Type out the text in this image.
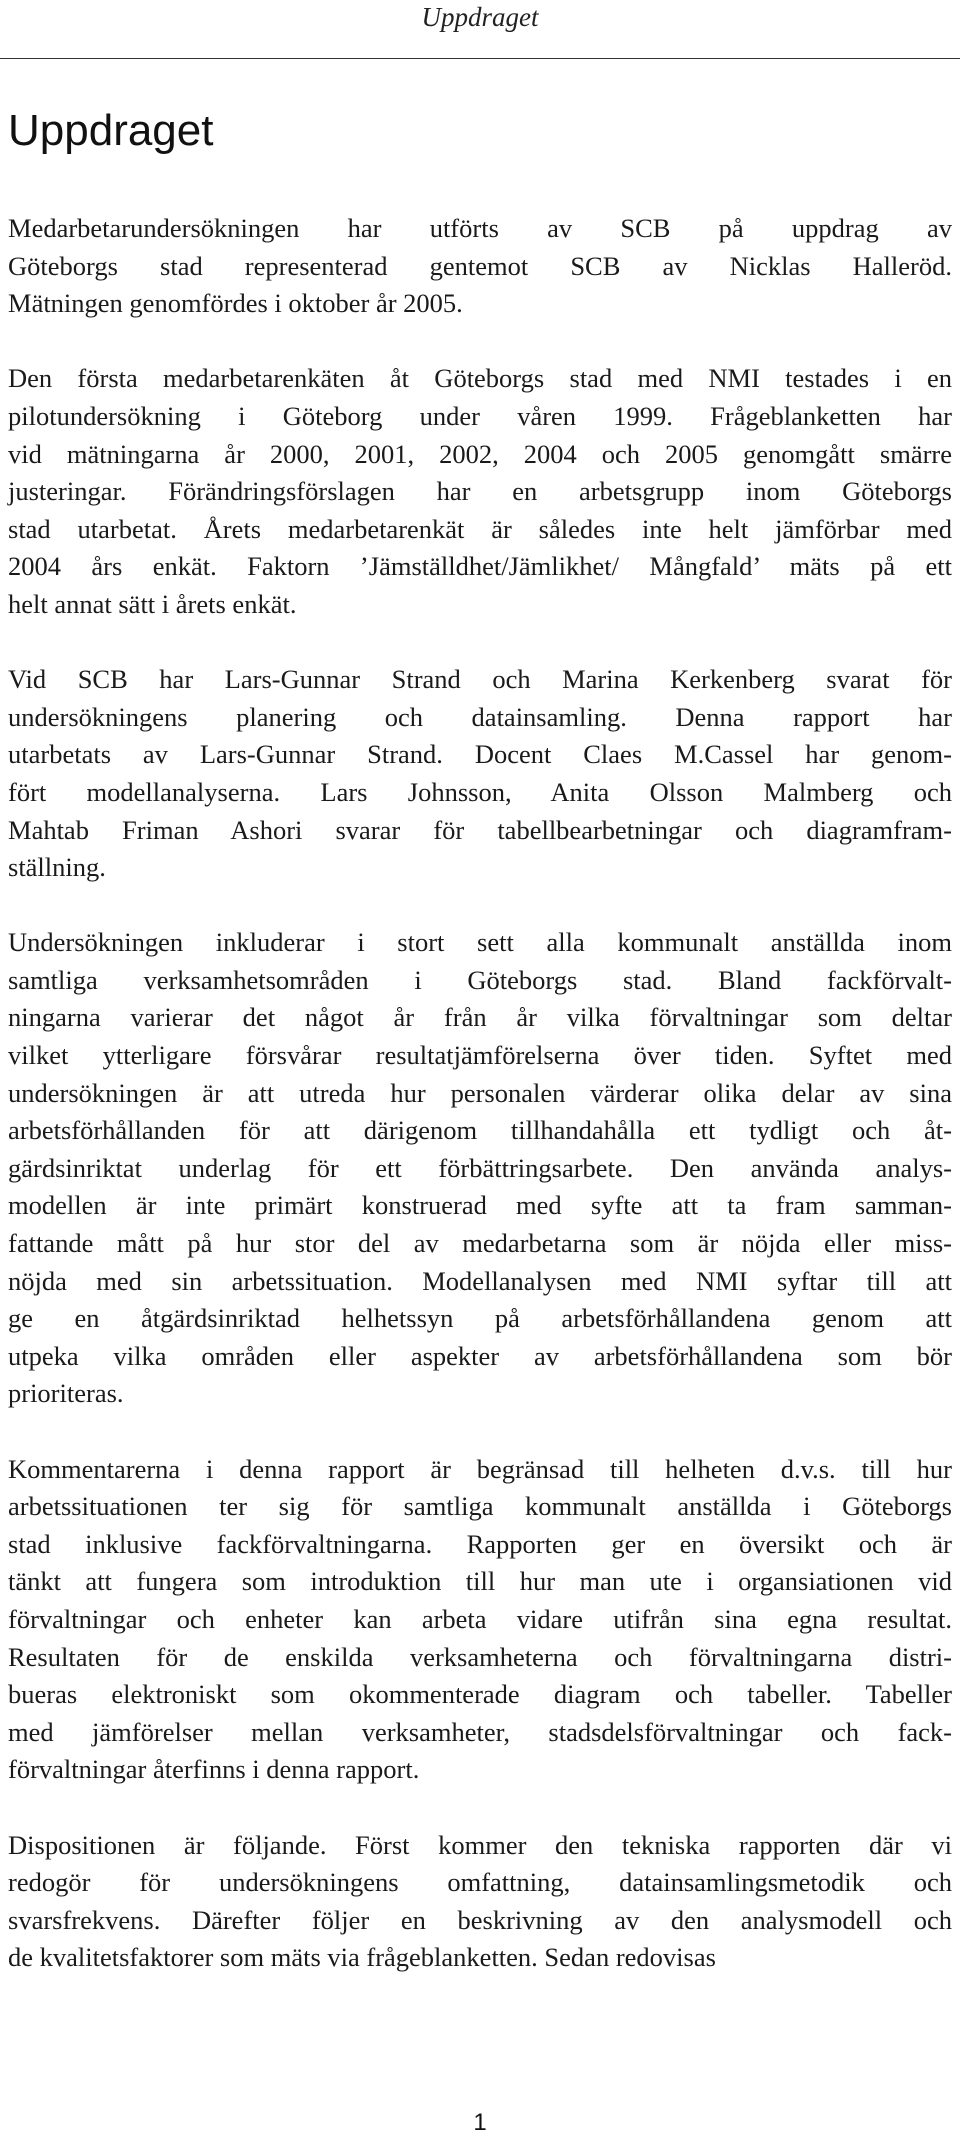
Uppdraget
Uppdraget

Medarbetarundersökningen har utförts av SCB på uppdrag av
Göteborgs stad representerad gentemot SCB av Nicklas Halleröd.
Mätningen genomfördes i oktober år 2005.

Den första medarbetarenkäten åt Göteborgs stad med NMI testades i en
pilotundersökning i Göteborg under våren 1999. Frågeblanketten har
vid mätningarna år 2000, 2001, 2002, 2004 och 2005 genomgått smärre
justeringar. Förändringsförslagen har en arbetsgrupp inom Göteborgs
stad utarbetat. Årets medarbetarenkät är således inte helt jämförbar med
2004 års enkät. Faktorn ’Jämställdhet/Jämlikhet/ Mångfald’ mäts på ett
helt annat sätt i årets enkät.

Vid SCB har Lars-Gunnar Strand och Marina Kerkenberg svarat för
undersökningens planering och datainsamling. Denna rapport har
utarbetats av Lars-Gunnar Strand. Docent Claes M.Cassel har genom-
fört modellanalyserna. Lars Johnsson, Anita Olsson Malmberg och
Mahtab Friman Ashori svarar för tabellbearbetningar och diagramfram-
ställning.

Undersökningen inkluderar i stort sett alla kommunalt anställda inom
samtliga verksamhetsområden i Göteborgs stad. Bland fackförvalt-
ningarna varierar det något år från år vilka förvaltningar som deltar
vilket ytterligare försvårar resultatjämförelserna över tiden. Syftet med
undersökningen är att utreda hur personalen värderar olika delar av sina
arbetsförhållanden för att därigenom tillhandahålla ett tydligt och åt-
gärdsinriktat underlag för ett förbättringsarbete. Den använda analys-
modellen är inte primärt konstruerad med syfte att ta fram samman-
fattande mått på hur stor del av medarbetarna som är nöjda eller miss-
nöjda med sin arbetssituation. Modellanalysen med NMI syftar till att
ge en åtgärdsinriktad helhetssyn på arbetsförhållandena genom att
utpeka vilka områden eller aspekter av arbetsförhållandena som bör
prioriteras.

Kommentarerna i denna rapport är begränsad till helheten d.v.s. till hur
arbetssituationen ter sig för samtliga kommunalt anställda i Göteborgs
stad inklusive fackförvaltningarna. Rapporten ger en översikt och är
tänkt att fungera som introduktion till hur man ute i organsiationen vid
förvaltningar och enheter kan arbeta vidare utifrån sina egna resultat.
Resultaten för de enskilda verksamheterna och förvaltningarna distri-
bueras elektroniskt som okommenterade diagram och tabeller. Tabeller
med jämförelser mellan verksamheter, stadsdelsförvaltningar och fack-
förvaltningar återfinns i denna rapport.

Dispositionen är följande. Först kommer den tekniska rapporten där vi
redogör för undersökningens omfattning, datainsamlingsmetodik och
svarsfrekvens. Därefter följer en beskrivning av den analysmodell och
de kvalitetsfaktorer som mäts via frågeblanketten. Sedan redovisas

1
